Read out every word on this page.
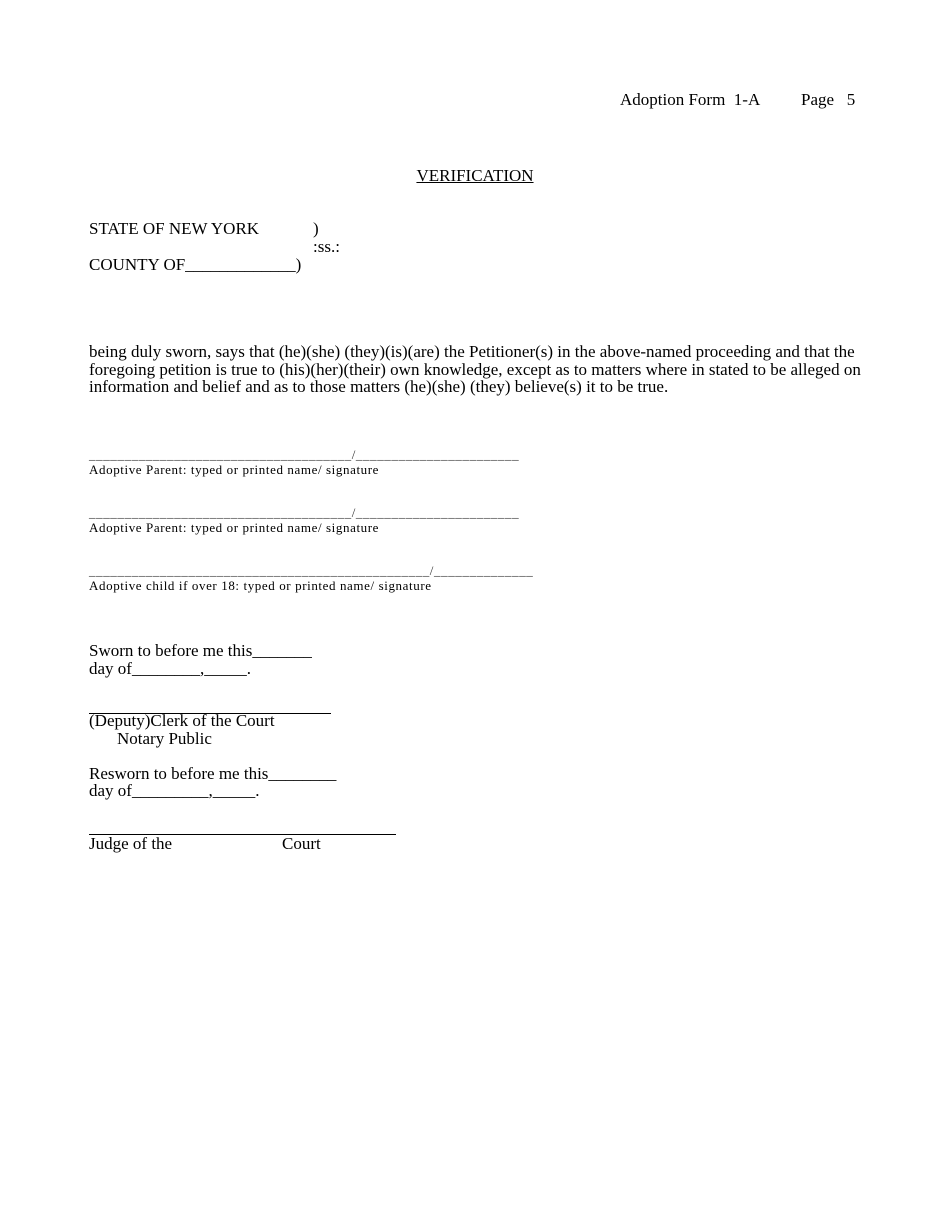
Adoption Form  1-A Page   5
VERIFICATION
STATE OF NEW YORK	)
:ss.:
COUNTY OF_____________)
being duly sworn, says that (he)(she) (they)(is)(are) the Petitioner(s) in the above-named proceeding and that the foregoing petition is true to (his)(her)(their) own knowledge, except as to matters where in stated to be alleged on information and belief and as to those matters (he)(she) (they) believe(s) it to be true.
_____________________________________/_______________________
Adoptive Parent: typed or printed name/ signature
_____________________________________/_______________________
Adoptive Parent: typed or printed name/ signature
________________________________________________/______________
Adoptive child if over 18: typed or printed name/ signature
Sworn to before me this_______
day of________,_____.
(Deputy)Clerk of the Court
Notary Public
Resworn to before me this________
day of_________,_____.
Judge of the	Court
